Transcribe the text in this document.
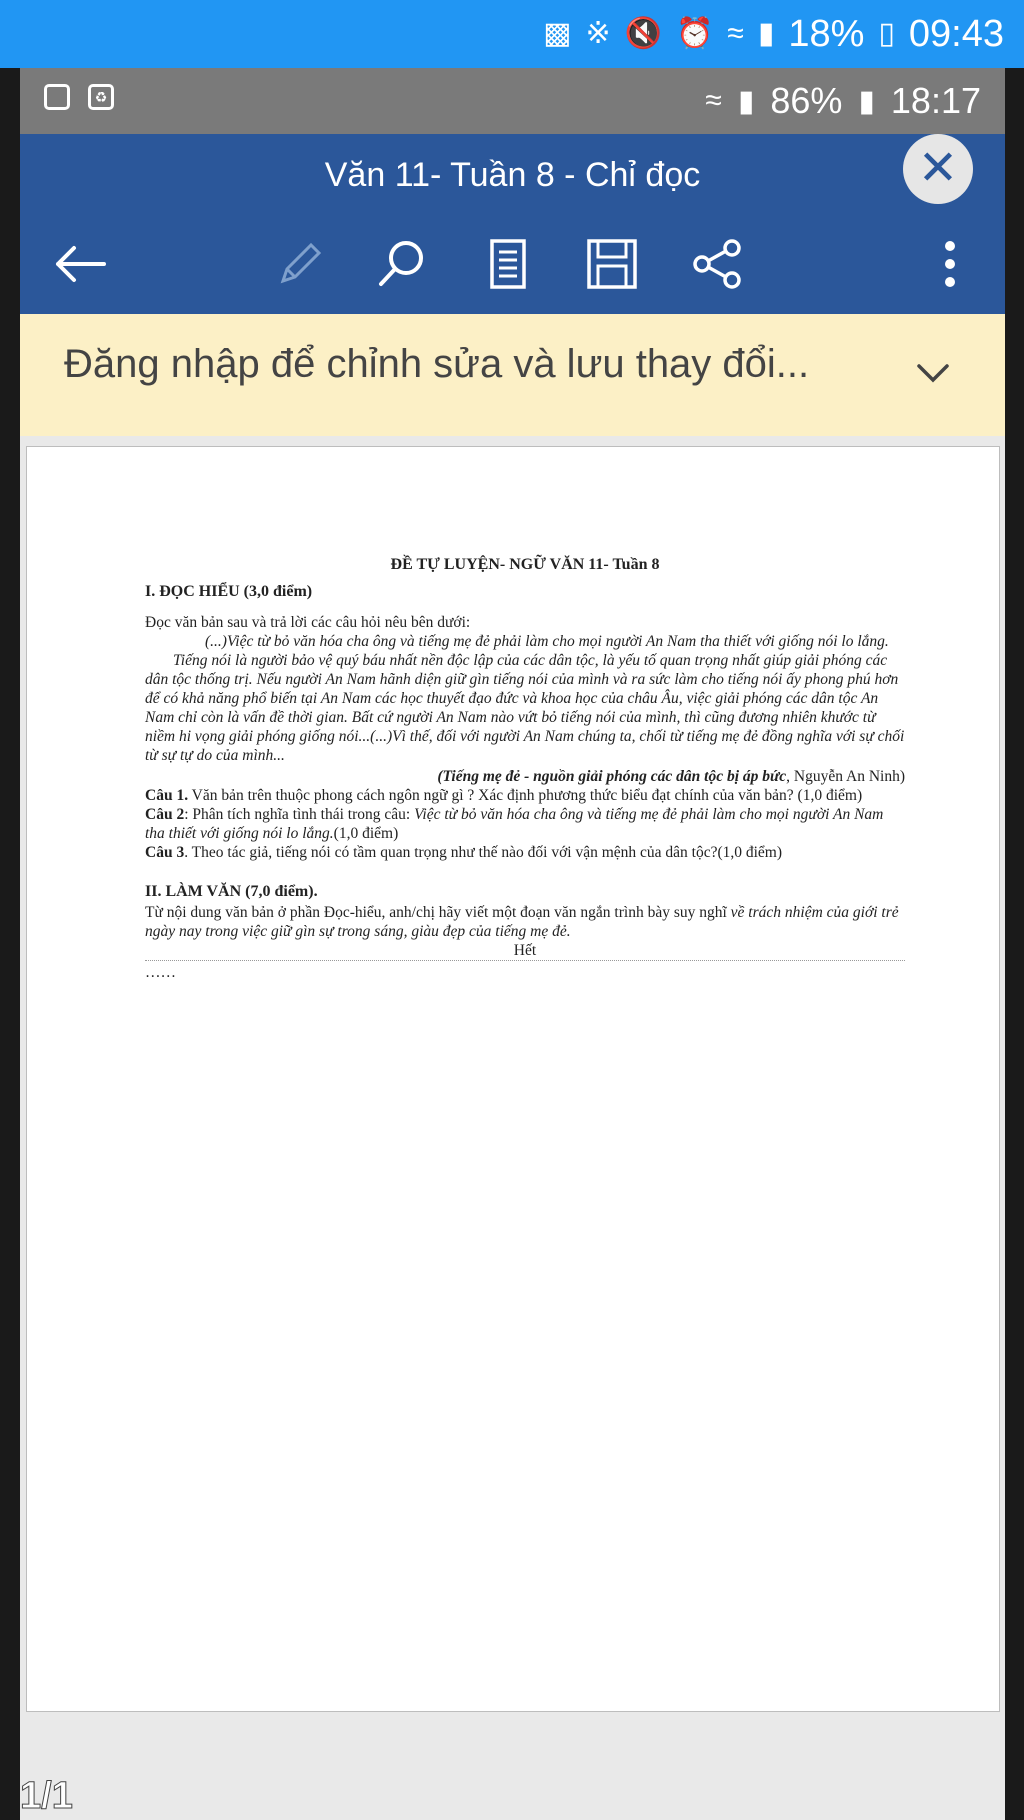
▩ ※ 🔇 ⏰ ≈ ▮ 18% ▯ 09:43
♻	≈ ▮ 86% ▮ 18:17
Văn 11- Tuần 8 - Chỉ đọc	✕
Đăng nhập để chỉnh sửa và lưu thay đổi...

ĐỀ TỰ LUYỆN- NGỮ VĂN 11- Tuần 8

I. ĐỌC HIỂU (3,0 điểm)

Đọc văn bản sau và trả lời các câu hỏi nêu bên dưới:

(...)Việc từ bỏ văn hóa cha ông và tiếng mẹ đẻ phải làm cho mọi người An Nam tha thiết với giống nói lo lắng.

Tiếng nói là người bảo vệ quý báu nhất nền độc lập của các dân tộc, là yếu tố quan trọng nhất giúp giải phóng các dân tộc thống trị. Nếu người An Nam hãnh diện giữ gìn tiếng nói của mình và ra sức làm cho tiếng nói ấy phong phú hơn để có khả năng phổ biến tại An Nam các học thuyết đạo đức và khoa học của châu Âu, việc giải phóng các dân tộc An Nam chỉ còn là vấn đề thời gian. Bất cứ người An Nam nào vứt bỏ tiếng nói của mình, thì cũng đương nhiên khước từ niềm hi vọng giải phóng giống nói...(...)Vì thế, đối với người An Nam chúng ta, chối từ tiếng mẹ đẻ đồng nghĩa với sự chối từ sự tự do của mình...

(Tiếng mẹ đẻ - nguồn giải phóng các dân tộc bị áp bức, Nguyễn An Ninh)

Câu 1. Văn bản trên thuộc phong cách ngôn ngữ gì ? Xác định phương thức biểu đạt chính của văn bản? (1,0 điểm)

Câu 2: Phân tích nghĩa tình thái trong câu: Việc từ bỏ văn hóa cha ông và tiếng mẹ đẻ phải làm cho mọi người An Nam tha thiết với giống nói lo lắng.(1,0 điểm)

Câu 3. Theo tác giả, tiếng nói có tầm quan trọng như thế nào đối với vận mệnh của dân tộc?(1,0 điểm)

II. LÀM VĂN (7,0 điểm).

Từ nội dung văn bản ở phần Đọc-hiểu, anh/chị hãy viết một đoạn văn ngắn trình bày suy nghĩ về trách nhiệm của giới trẻ ngày nay trong việc giữ gìn sự trong sáng, giàu đẹp của tiếng mẹ đẻ.

Hết

……

1/1
